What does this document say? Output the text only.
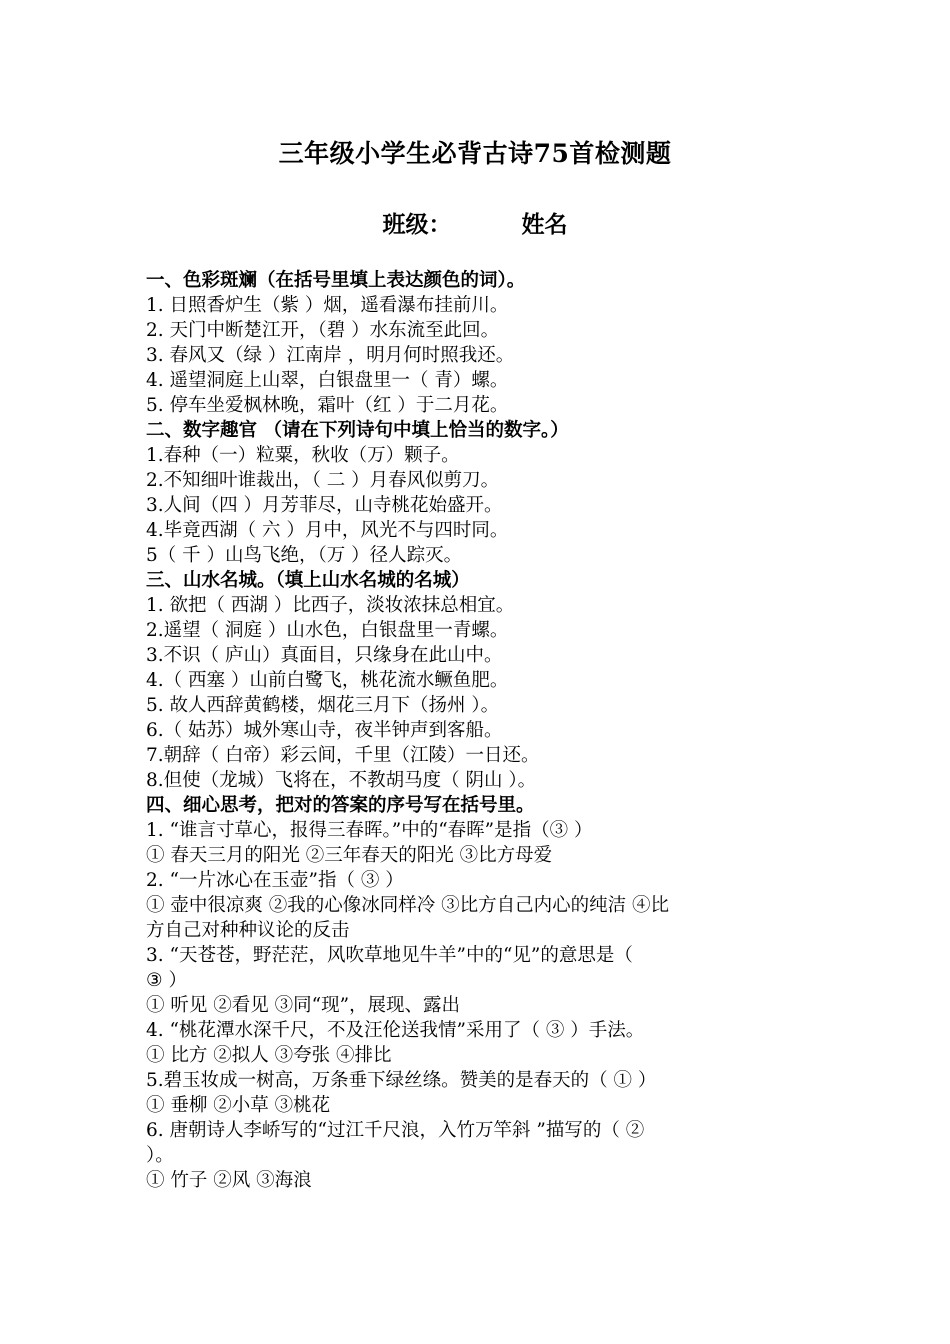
三年级小学生必背古诗75首检测题
班级：	姓名
一、色彩斑斓（在括号里填上表达颜色的词）。
1. 日照香炉生（紫 ）烟，遥看瀑布挂前川。
2. 天门中断楚江开，（碧 ）水东流至此回。
3. 春风又（绿 ）江南岸 ，明月何时照我还。
4. 遥望洞庭上山翠，白银盘里一（ 青）螺。
5. 停车坐爱枫林晚，霜叶（红 ）于二月花。
二、数字趣官 （请在下列诗句中填上恰当的数字。）
1.春种（一）粒粟，秋收（万）颗子。
2.不知细叶谁裁出，（ 二 ）月春风似剪刀。
3.人间（四 ）月芳菲尽，山寺桃花始盛开。
4.毕竟西湖（ 六 ）月中，风光不与四时同。
5（ 千 ）山鸟飞绝，（万 ）径人踪灭。
三、山水名城。（填上山水名城的名城）
1. 欲把（ 西湖 ）比西子，淡妆浓抹总相宜。
2.遥望（ 洞庭 ）山水色，白银盘里一青螺。
3.不识（ 庐山）真面目，只缘身在此山中。
4.（ 西塞 ）山前白鹭飞，桃花流水鳜鱼肥。
5. 故人西辞黄鹤楼，烟花三月下（扬州 ）。
6.（ 姑苏）城外寒山寺，夜半钟声到客船。
7.朝辞（ 白帝）彩云间，千里（江陵）一日还。
8.但使（龙城）飞将在，不教胡马度（ 阴山 ）。
四、细心思考，把对的答案的序号写在括号里。
1. “谁言寸草心，报得三春晖。”中的“春晖”是指（③ ）
① 春天三月的阳光 ②三年春天的阳光 ③比方母爱
2. “一片冰心在玉壶”指（ ③ ）
① 壶中很凉爽 ②我的心像冰同样冷 ③比方自己内心的纯洁 ④比
方自己对种种议论的反击
3. “天苍苍，野茫茫，风吹草地见牛羊”中的“见”的意思是（
③ ）
① 听见 ②看见 ③同“现”，展现、露出
4. “桃花潭水深千尺，不及汪伦送我情”采用了（ ③ ）手法。
① 比方 ②拟人 ③夸张 ④排比
5.碧玉妆成一树高，万条垂下绿丝绦。赞美的是春天的（ ① ）
① 垂柳 ②小草 ③桃花
6. 唐朝诗人李峤写的“过江千尺浪，入竹万竿斜 ”描写的（ ②
）。
① 竹子 ②风 ③海浪
